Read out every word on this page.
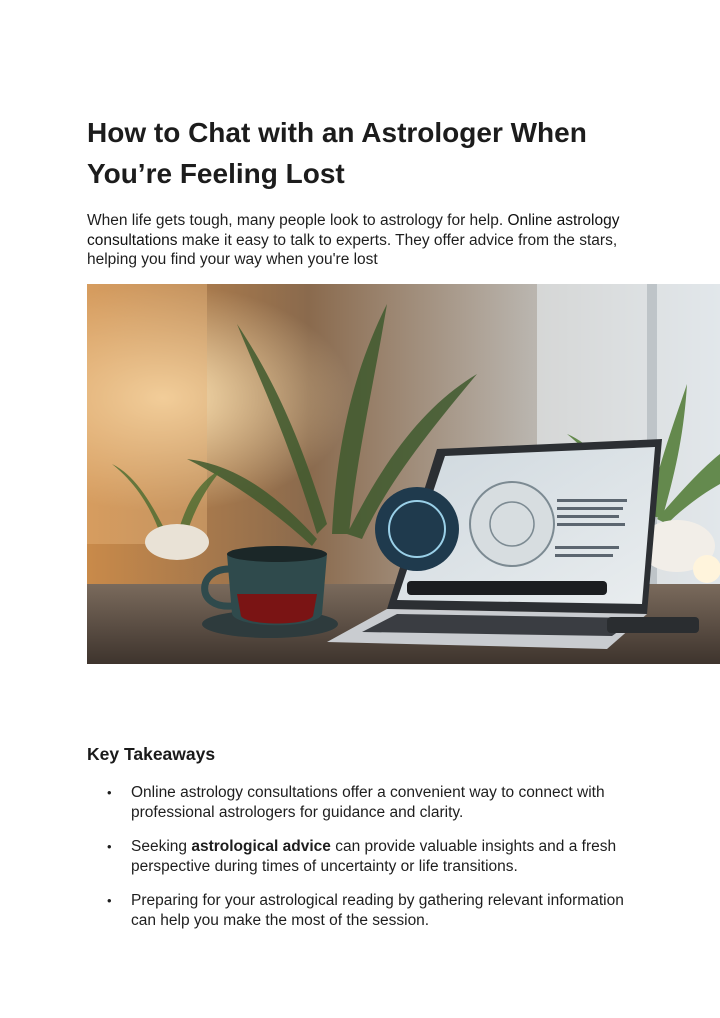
How to Chat with an Astrologer When You’re Feeling Lost

When life gets tough, many people look to astrology for help. Online astrology consultations make it easy to talk to experts. They offer advice from the stars, helping you find your way when you're lost

Key Takeaways
• Online astrology consultations offer a convenient way to connect with professional astrologers for guidance and clarity.
• Seeking astrological advice can provide valuable insights and a fresh perspective during times of uncertainty or life transitions.
• Preparing for your astrological reading by gathering relevant information can help you make the most of the session.
